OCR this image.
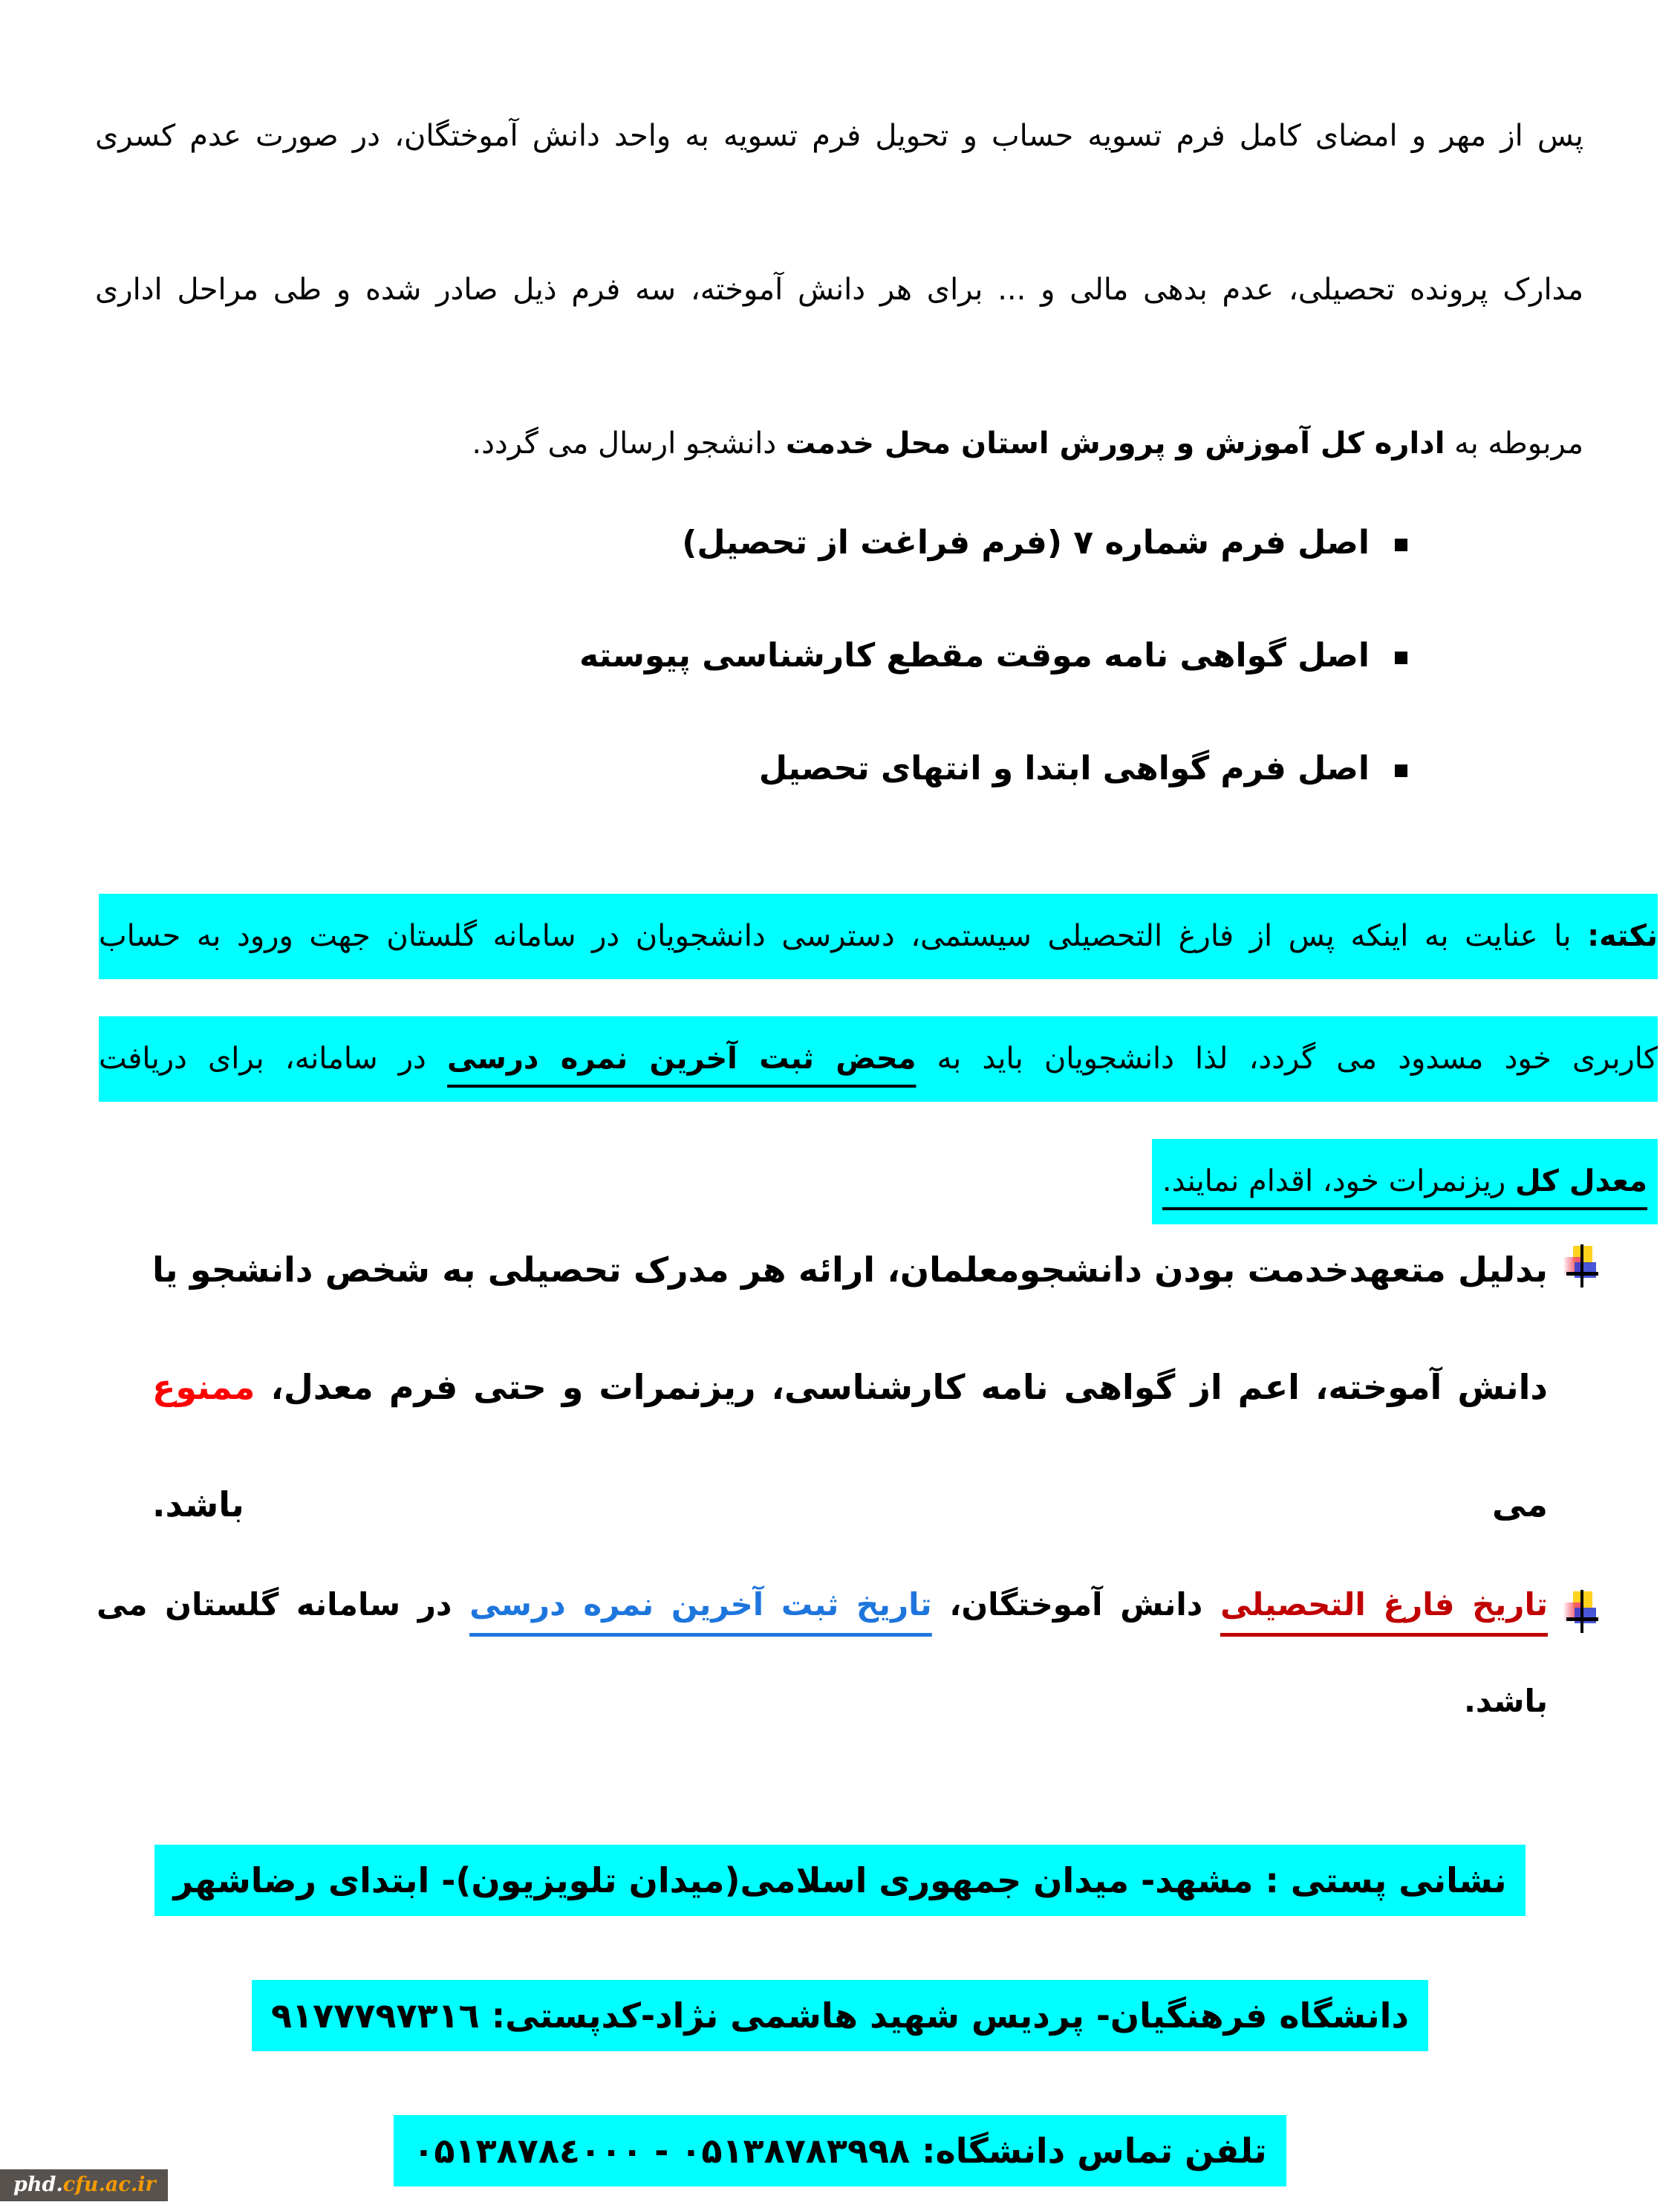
پس از مهر و امضای کامل فرم تسویه حساب و تحویل فرم تسویه به واحد دانش آموختگان، در صورت عدم کسری
مدارک پرونده تحصیلی، عدم بدهی مالی و ... برای هر دانش آموخته، سه فرم ذیل صادر شده و طی مراحل اداری
مربوطه به اداره کل آموزش و پرورش استان محل خدمت دانشجو ارسال می گردد.
اصل فرم شماره ۷ (فرم فراغت از تحصیل)
اصل گواهی نامه موقت مقطع کارشناسی پیوسته
اصل فرم گواهی ابتدا و انتهای تحصیل
نکته: با عنایت به اینکه پس از فارغ التحصیلی سیستمی، دسترسی دانشجویان در سامانه گلستان جهت ورود به حساب
کاربری خود مسدود می گردد، لذا دانشجویان باید به محض ثبت آخرین نمره درسی در سامانه، برای دریافت
معدل کل ریزنمرات خود، اقدام نمایند.
بدلیل متعهدخدمت بودن دانشجومعلمان، ارائه هر مدرک تحصیلی به شخص دانشجو یا
دانش آموخته، اعم از گواهی نامه کارشناسی، ریزنمرات و حتی فرم معدل، ممنوع می باشد.
تاریخ فارغ التحصیلی دانش آموختگان، تاریخ ثبت آخرین نمره درسی در سامانه گلستان می باشد.
نشانی پستی : مشهد- میدان جمهوری اسلامی(میدان تلویزیون)- ابتدای رضاشهر
دانشگاه فرهنگیان- پردیس شهید هاشمی نژاد-کدپستی: ۹۱۷۷۷۹۷۳۱٦
تلفن تماس دانشگاه: ۰۵۱۳۸۷۸۳۹۹۸ - ۰۵۱۳۸۷۸٤۰۰۰
phd.cfu.ac.ir
